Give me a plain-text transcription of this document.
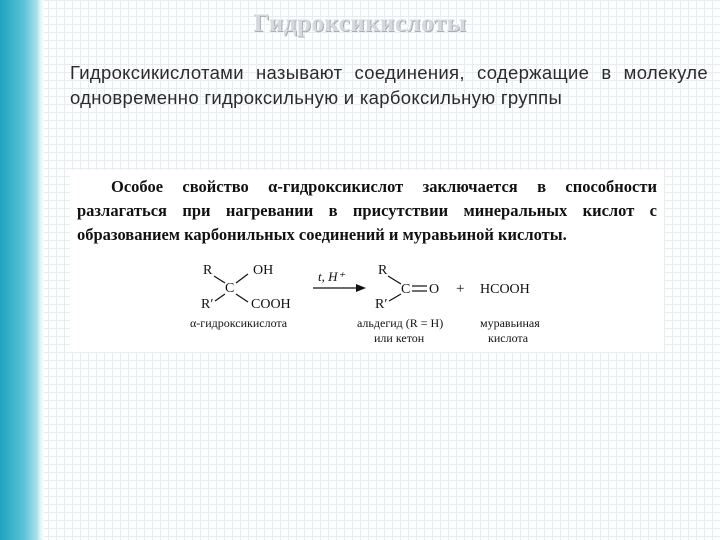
Гидроксикислоты

Гидроксикислотами называют соединения, содержащие в молекуле одновременно гидроксильную и карбоксильную группы

Особое свойство α-гидроксикислот заключается в способности разлагаться при нагревании в присутствии минеральных кислот с образованием карбонильных соединений и муравьиной кислоты.

R	OH
C
R′	COOH
α-гидроксикислота
t, H⁺ R
C O
R′
альдегид (R = H)
или кетон
+ HCOOH
муравьиная
кислота
